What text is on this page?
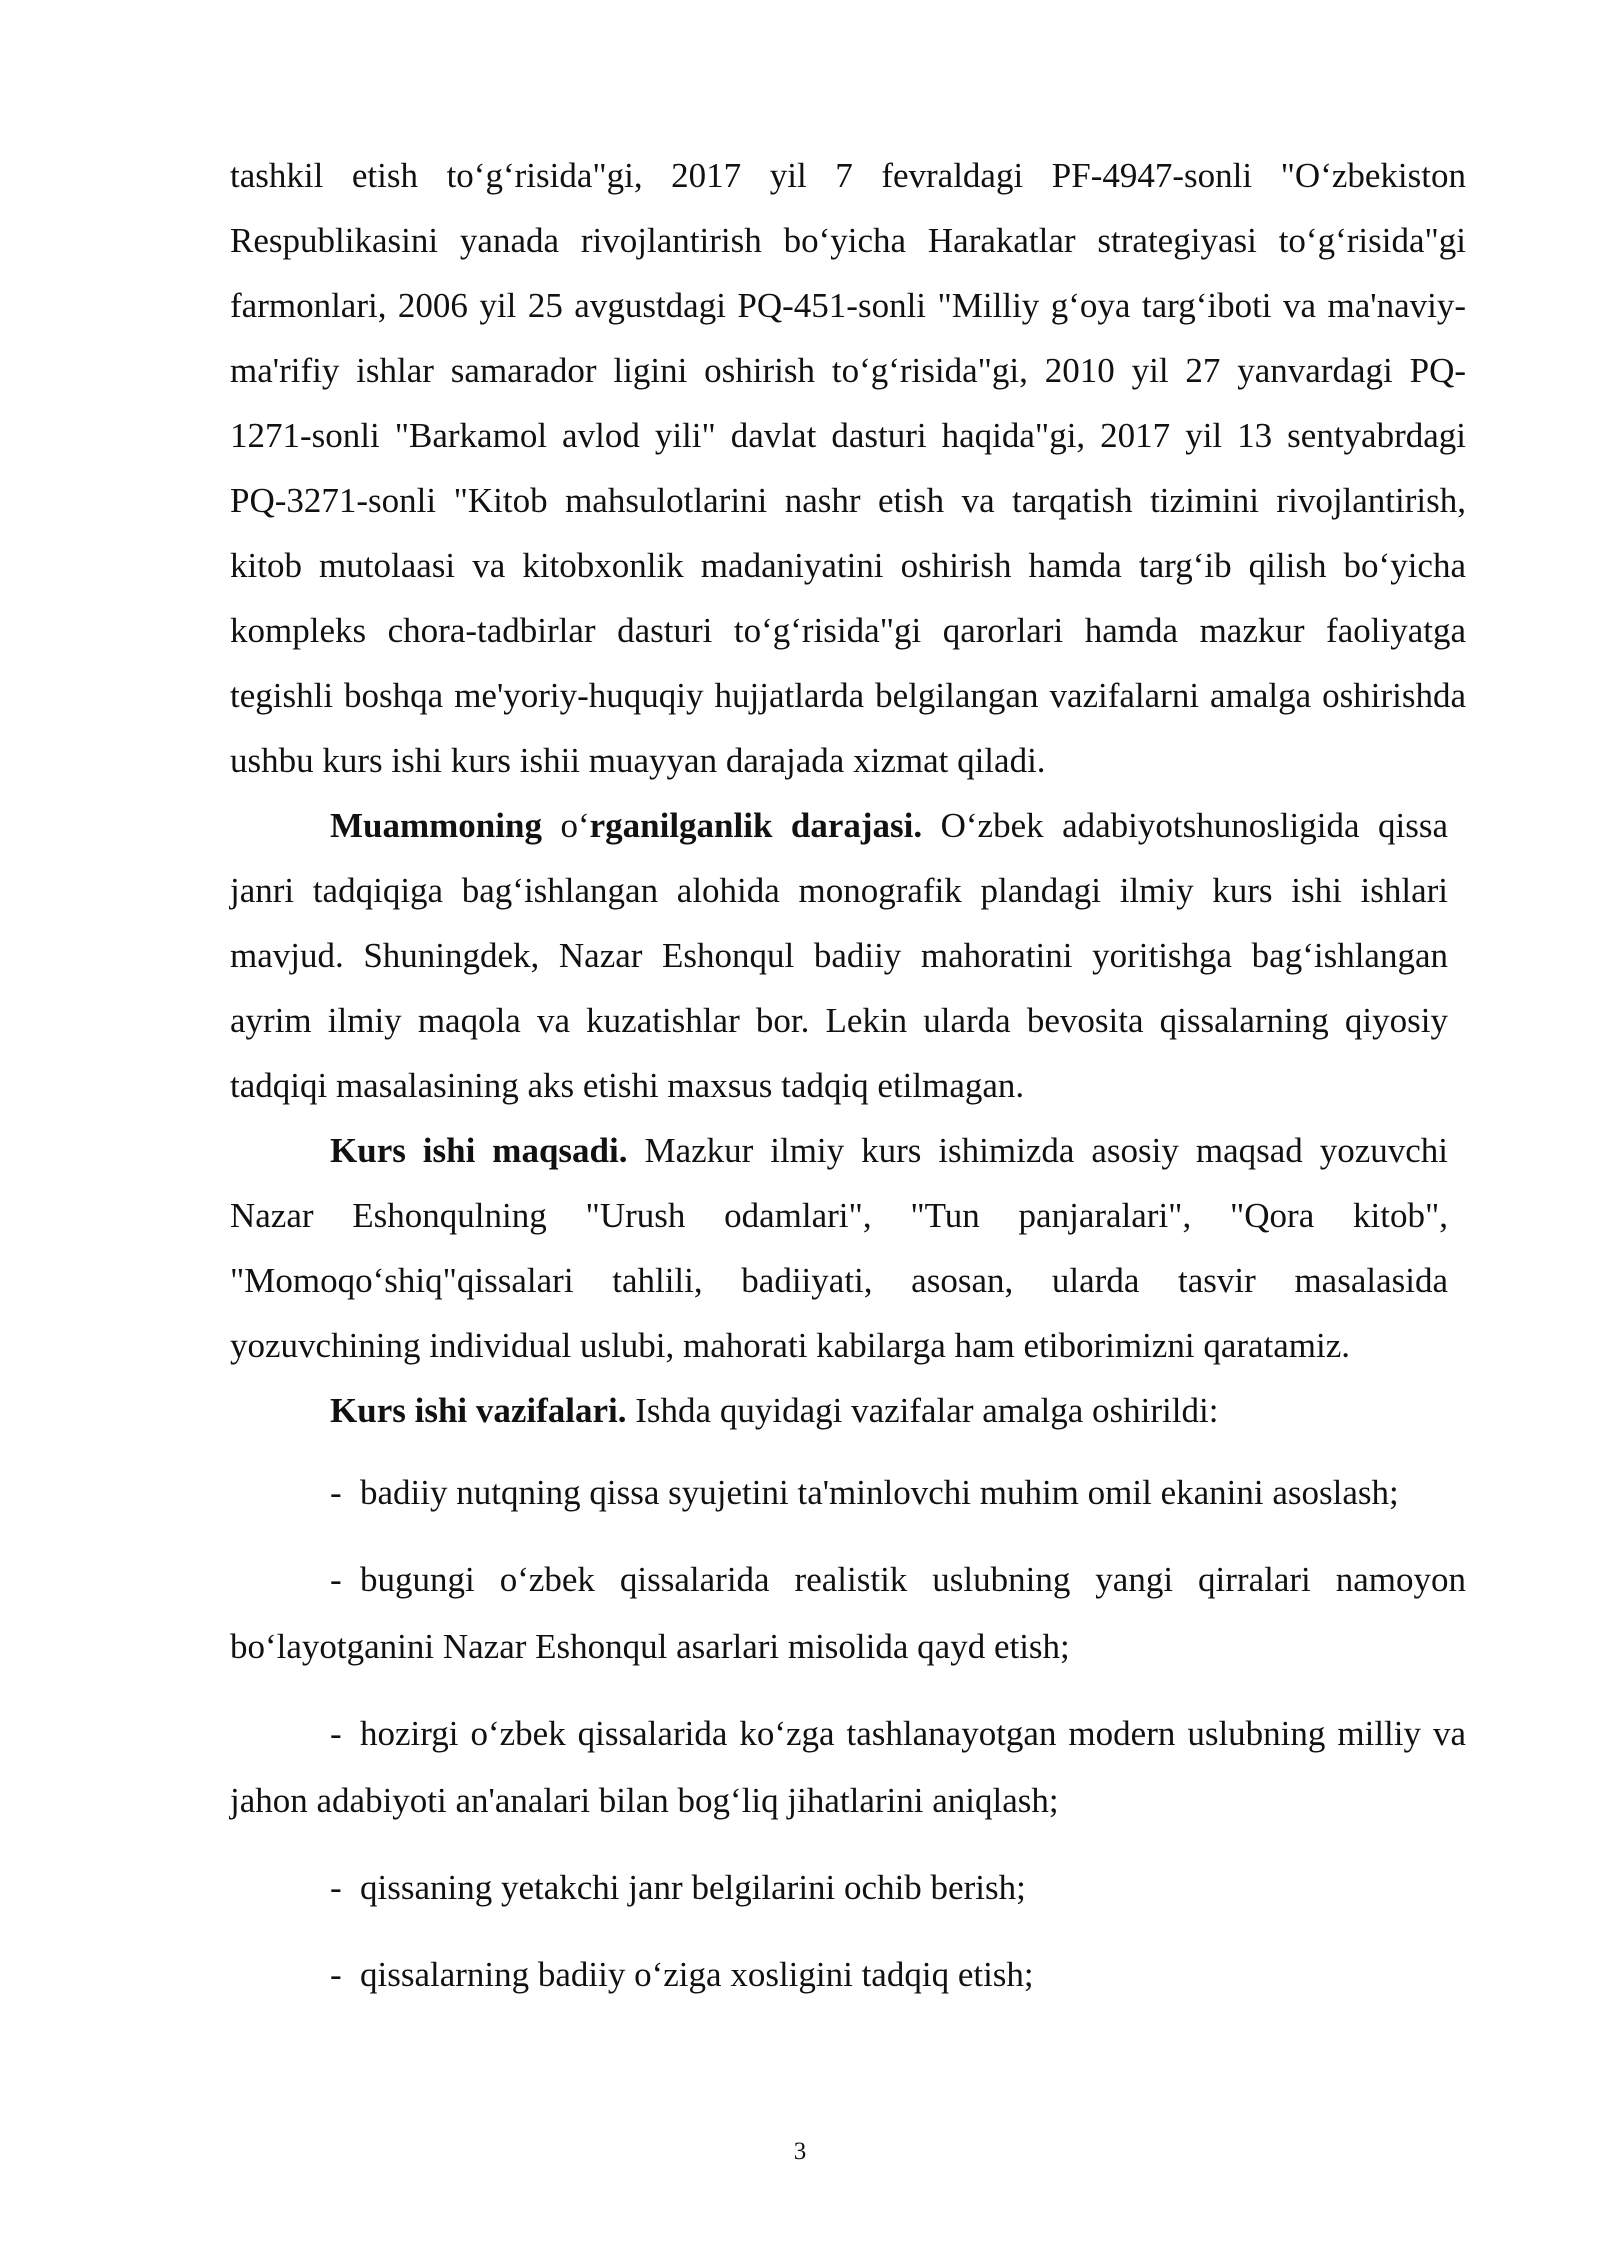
tashkil etish to‘g‘risida"gi, 2017 yil 7 fevraldagi PF-4947-sonli "O‘zbekiston Respublikasini yanada rivojlantirish bo‘yicha Harakatlar strategiyasi to‘g‘risida"gi farmonlari, 2006 yil 25 avgustdagi PQ-451-sonli "Milliy g‘oya targ‘iboti va ma'naviy-ma'rifiy ishlar samarador ligini oshirish to‘g‘risida"gi, 2010 yil 27 yanvardagi PQ-1271-sonli "Barkamol avlod yili" davlat dasturi haqida"gi, 2017 yil 13 sentyabrdagi PQ-3271-sonli "Kitob mahsulotlarini nashr etish va tarqatish tizimini rivojlantirish, kitob mutolaasi va kitobxonlik madaniyatini oshirish hamda targ‘ib qilish bo‘yicha kompleks chora-tadbirlar dasturi to‘g‘risida"gi qarorlari hamda mazkur faoliyatga tegishli boshqa me'yoriy-huquqiy hujjatlarda belgilangan vazifalarni amalga oshirishda ushbu kurs ishi kurs ishii muayyan darajada xizmat qiladi.

Muammoning o‘rganilganlik darajasi. O‘zbek adabiyotshunosligida qissa janri tadqiqiga bag‘ishlangan alohida monografik plandagi ilmiy kurs ishi ishlari mavjud. Shuningdek, Nazar Eshonqul badiiy mahoratini yoritishga bag‘ishlangan ayrim ilmiy maqola va kuzatishlar bor. Lekin ularda bevosita qissalarning qiyosiy tadqiqi masalasining aks etishi maxsus tadqiq etilmagan.

Kurs ishi maqsadi. Mazkur ilmiy kurs ishimizda asosiy maqsad yozuvchi Nazar Eshonqulning "Urush odamlari", "Tun panjaralari", "Qora kitob", "Momoqo‘shiq"qissalari tahlili, badiiyati, asosan, ularda tasvir masalasida yozuvchining individual uslubi, mahorati kabilarga ham etiborimizni qaratamiz.

Kurs ishi vazifalari. Ishda quyidagi vazifalar amalga oshirildi:

- badiiy nutqning qissa syujetini ta'minlovchi muhim omil ekanini asoslash;

- bugungi o‘zbek qissalarida realistik uslubning yangi qirralari namoyon bo‘layotganini Nazar Eshonqul asarlari misolida qayd etish;

- hozirgi o‘zbek qissalarida ko‘zga tashlanayotgan modern uslubning milliy va jahon adabiyoti an'analari bilan bog‘liq jihatlarini aniqlash;

- qissaning yetakchi janr belgilarini ochib berish;

- qissalarning badiiy o‘ziga xosligini tadqiq etish;

3
